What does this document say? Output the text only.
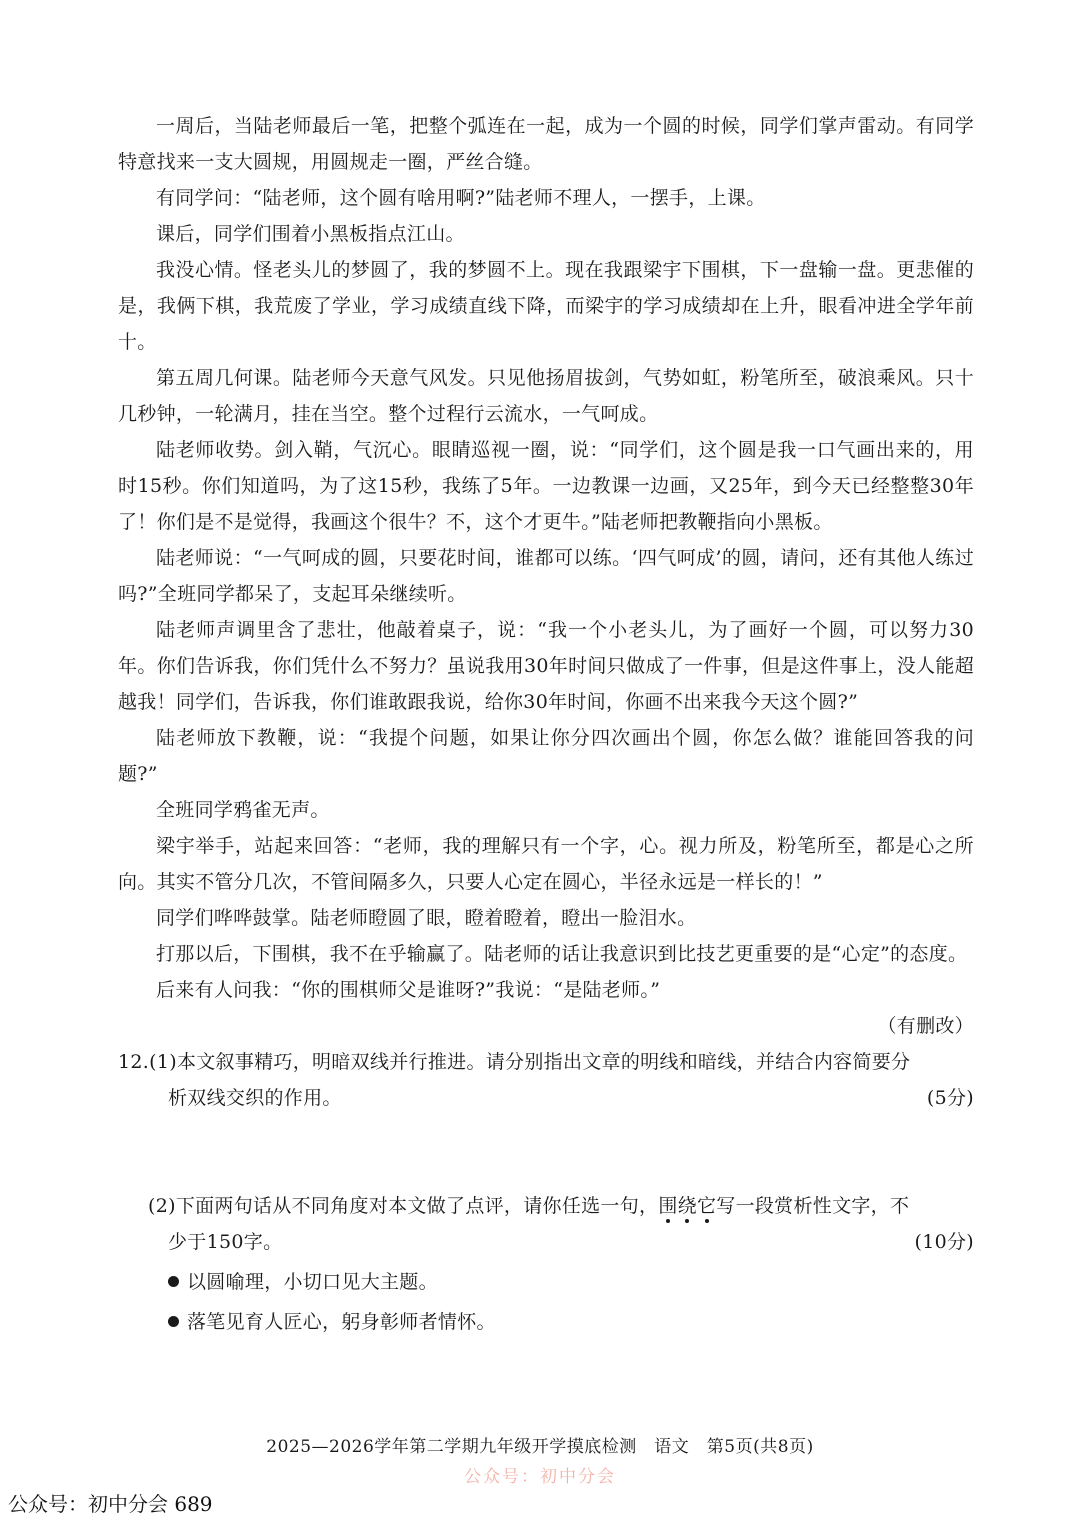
一周后，当陆老师最后一笔，把整个弧连在一起，成为一个圆的时候，同学们掌声雷动。有同学特意找来一支大圆规，用圆规走一圈，严丝合缝。

有同学问：“陆老师，这个圆有啥用啊?”陆老师不理人，一摆手，上课。

课后，同学们围着小黑板指点江山。

我没心情。怪老头儿的梦圆了，我的梦圆不上。现在我跟梁宇下围棋，下一盘输一盘。更悲催的是，我俩下棋，我荒废了学业，学习成绩直线下降，而梁宇的学习成绩却在上升，眼看冲进全学年前十。

第五周几何课。陆老师今天意气风发。只见他扬眉拔剑，气势如虹，粉笔所至，破浪乘风。只十几秒钟，一轮满月，挂在当空。整个过程行云流水，一气呵成。

陆老师收势。剑入鞘，气沉心。眼睛巡视一圈，说：“同学们，这个圆是我一口气画出来的，用时15秒。你们知道吗，为了这15秒，我练了5年。一边教课一边画，又25年，到今天已经整整30年了！你们是不是觉得，我画这个很牛？不，这个才更牛。”陆老师把教鞭指向小黑板。

陆老师说：“一气呵成的圆，只要花时间，谁都可以练。‘四气呵成’的圆，请问，还有其他人练过吗?”全班同学都呆了，支起耳朵继续听。

陆老师声调里含了悲壮，他敲着桌子，说：“我一个小老头儿，为了画好一个圆，可以努力30年。你们告诉我，你们凭什么不努力？虽说我用30年时间只做成了一件事，但是这件事上，没人能超越我！同学们，告诉我，你们谁敢跟我说，给你30年时间，你画不出来我今天这个圆?”

陆老师放下教鞭，说：“我提个问题，如果让你分四次画出个圆，你怎么做？谁能回答我的问题?”

全班同学鸦雀无声。

梁宇举手，站起来回答：“老师，我的理解只有一个字，心。视力所及，粉笔所至，都是心之所向。其实不管分几次，不管间隔多久，只要人心定在圆心，半径永远是一样长的！”

同学们哗哗鼓掌。陆老师瞪圆了眼，瞪着瞪着，瞪出一脸泪水。

打那以后，下围棋，我不在乎输赢了。陆老师的话让我意识到比技艺更重要的是“心定”的态度。

后来有人问我：“你的围棋师父是谁呀?”我说：“是陆老师。”

（有删改）

12.(1)本文叙事精巧，明暗双线并行推进。请分别指出文章的明线和暗线，并结合内容简要分

析双线交织的作用。	(5分)

(2)下面两句话从不同角度对本文做了点评，请你任选一句，围绕它写一段赏析性文字，不

少于150字。	(10分)

以圆喻理，小切口见大主题。

落笔见育人匠心，躬身彰师者情怀。

2025—2026学年第二学期九年级开学摸底检测　语文　第5页(共8页)
公众号：初中分会
公众号：初中分会 689
